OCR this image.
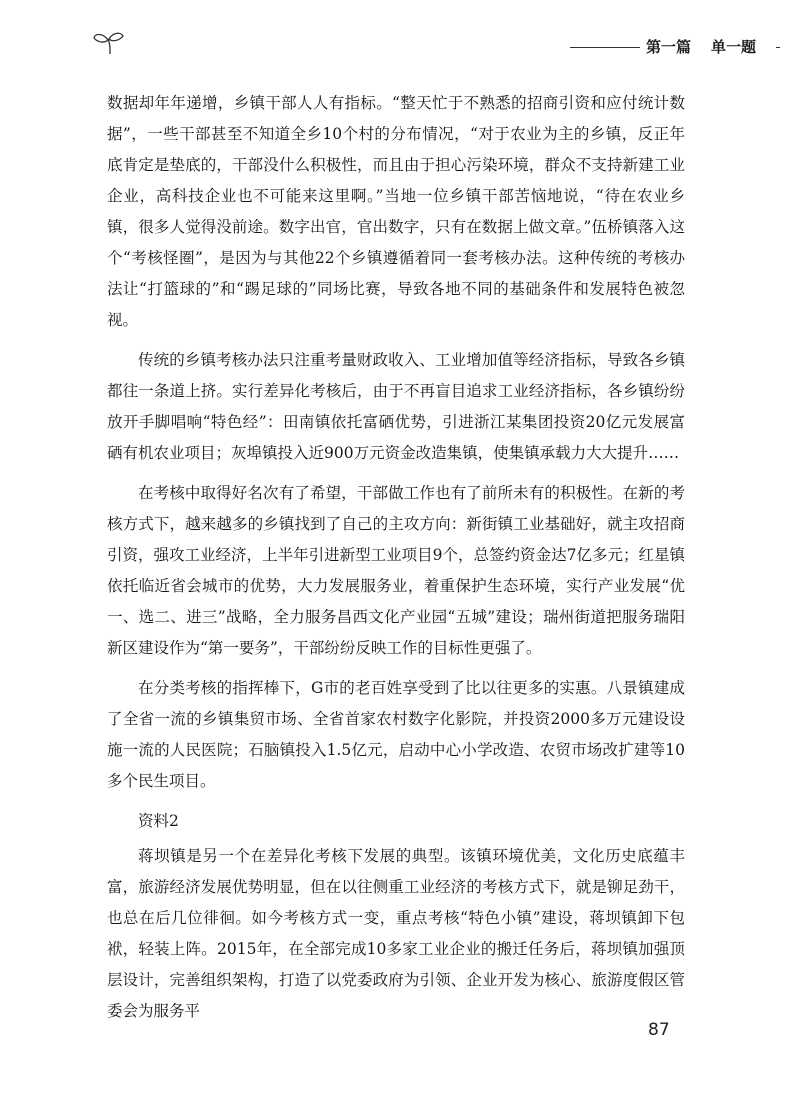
第一篇 单一题

数据却年年递增，乡镇干部人人有指标。“整天忙于不熟悉的招商引资和应付统计数据”，一些干部甚至不知道全乡10个村的分布情况，“对于农业为主的乡镇，反正年底肯定是垫底的，干部没什么积极性，而且由于担心污染环境，群众不支持新建工业企业，高科技企业也不可能来这里啊。”当地一位乡镇干部苦恼地说，“待在农业乡镇，很多人觉得没前途。数字出官，官出数字，只有在数据上做文章。”伍桥镇落入这个“考核怪圈”，是因为与其他22个乡镇遵循着同一套考核办法。这种传统的考核办法让“打篮球的”和“踢足球的”同场比赛，导致各地不同的基础条件和发展特色被忽视。

传统的乡镇考核办法只注重考量财政收入、工业增加值等经济指标，导致各乡镇都往一条道上挤。实行差异化考核后，由于不再盲目追求工业经济指标，各乡镇纷纷放开手脚唱响“特色经”：田南镇依托富硒优势，引进浙江某集团投资20亿元发展富硒有机农业项目；灰埠镇投入近900万元资金改造集镇，使集镇承载力大大提升……

在考核中取得好名次有了希望，干部做工作也有了前所未有的积极性。在新的考核方式下，越来越多的乡镇找到了自己的主攻方向：新街镇工业基础好，就主攻招商引资，强攻工业经济，上半年引进新型工业项目9个，总签约资金达7亿多元；红星镇依托临近省会城市的优势，大力发展服务业，着重保护生态环境，实行产业发展“优一、选二、进三”战略，全力服务昌西文化产业园“五城”建设；瑞州街道把服务瑞阳新区建设作为“第一要务”，干部纷纷反映工作的目标性更强了。

在分类考核的指挥棒下，G市的老百姓享受到了比以往更多的实惠。八景镇建成了全省一流的乡镇集贸市场、全省首家农村数字化影院，并投资2000多万元建设设施一流的人民医院；石脑镇投入1.5亿元，启动中心小学改造、农贸市场改扩建等10多个民生项目。

资料2

蒋坝镇是另一个在差异化考核下发展的典型。该镇环境优美，文化历史底蕴丰富，旅游经济发展优势明显，但在以往侧重工业经济的考核方式下，就是铆足劲干，也总在后几位徘徊。如今考核方式一变，重点考核“特色小镇”建设，蒋坝镇卸下包袱，轻装上阵。2015年，在全部完成10多家工业企业的搬迁任务后，蒋坝镇加强顶层设计，完善组织架构，打造了以党委政府为引领、企业开发为核心、旅游度假区管委会为服务平

87
